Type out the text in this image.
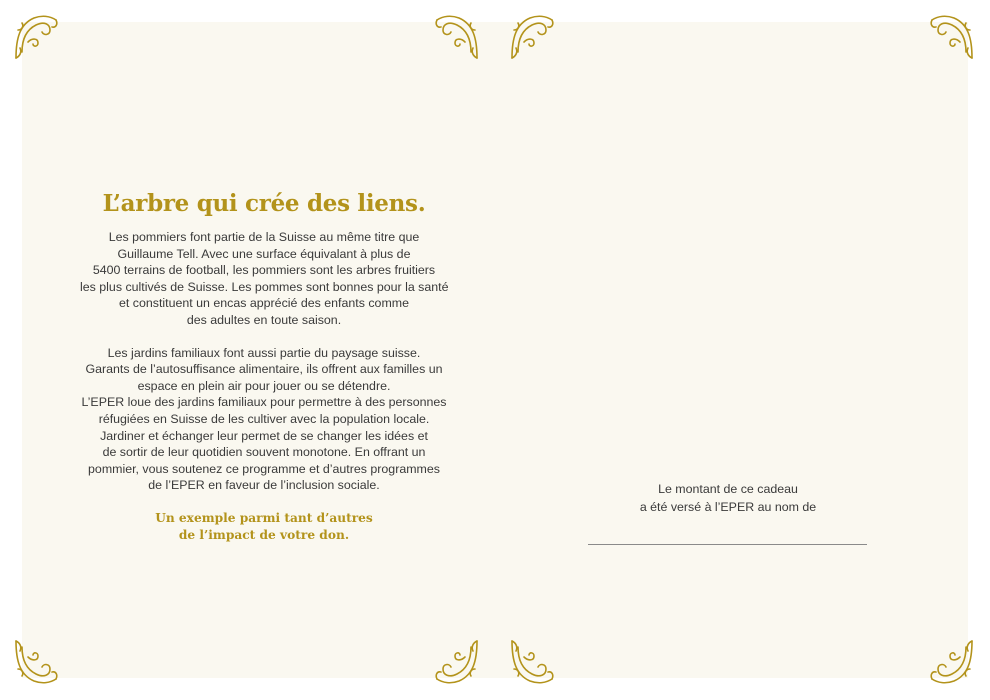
L’arbre qui crée des liens.

Les pommiers font partie de la Suisse au même titre que
Guillaume Tell. Avec une surface équivalant à plus de
5400 terrains de football, les pommiers sont les arbres fruitiers
les plus cultivés de Suisse. Les pommes sont bonnes pour la santé
et constituent un encas apprécié des enfants comme
des adultes en toute saison.

Les jardins familiaux font aussi partie du paysage suisse.
Garants de l’autosuffisance alimentaire, ils offrent aux familles un
espace en plein air pour jouer ou se détendre.
L’EPER loue des jardins familiaux pour permettre à des personnes
réfugiées en Suisse de les cultiver avec la population locale.
Jardiner et échanger leur permet de se changer les idées et
de sortir de leur quotidien souvent monotone. En offrant un
pommier, vous soutenez ce programme et d’autres programmes
de l’EPER en faveur de l’inclusion sociale.

Un exemple parmi tant d’autres
de l’impact de votre don.
Le montant de ce cadeau
a été versé à l’EPER au nom de
